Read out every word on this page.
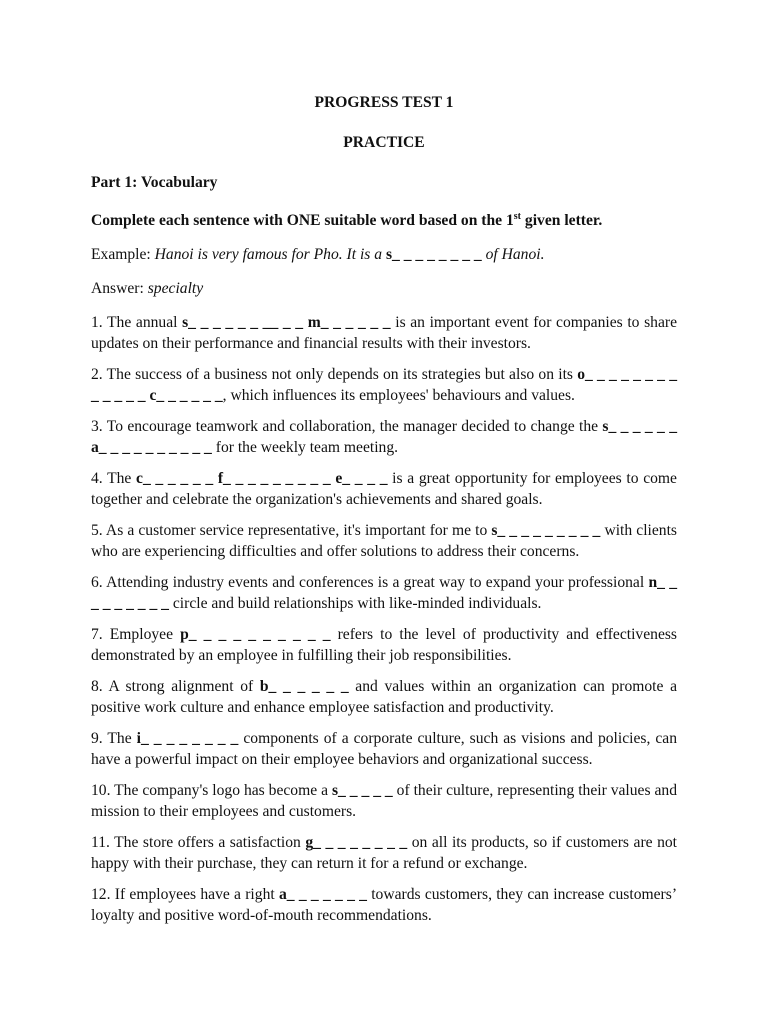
PROGRESS TEST 1
PRACTICE
Part 1: Vocabulary
Complete each sentence with ONE suitable word based on the 1st given letter.
Example: Hanoi is very famous for Pho. It is a s_ _ _ _ _ _ _ _ of Hanoi.
Answer: specialty
1. The annual s_ _ _ _ _ _ __ _ _ m_ _ _ _ _ _ is an important event for companies to share updates on their performance and financial results with their investors.
2. The success of a business not only depends on its strategies but also on its o_ _ _ _ _ _ _ _ _ _ _ _ _ c_ _ _ _ _ _, which influences its employees' behaviours and values.
3. To encourage teamwork and collaboration, the manager decided to change the s_ _ _ _ _ _ a_ _ _ _ _ _ _ _ _ _ for the weekly team meeting.
4. The c_ _ _ _ _ _ f_ _ _ _ _ _ _ _ _ e_ _ _ _ is a great opportunity for employees to come together and celebrate the organization's achievements and shared goals.
5. As a customer service representative, it's important for me to s_ _ _ _ _ _ _ _ _ with clients who are experiencing difficulties and offer solutions to address their concerns.
6. Attending industry events and conferences is a great way to expand your professional n_ _ _ _ _ _ _ _ _ circle and build relationships with like-minded individuals.
7. Employee p_ _ _ _ _ _ _ _ _ _ refers to the level of productivity and effectiveness demonstrated by an employee in fulfilling their job responsibilities.
8. A strong alignment of b_ _ _ _ _ _ and values within an organization can promote a positive work culture and enhance employee satisfaction and productivity.
9. The i_ _ _ _ _ _ _ _ components of a corporate culture, such as visions and policies, can have a powerful impact on their employee behaviors and organizational success.
10. The company's logo has become a s_ _ _ _ _ of their culture, representing their values and mission to their employees and customers.
11. The store offers a satisfaction g_ _ _ _ _ _ _ _ on all its products, so if customers are not happy with their purchase, they can return it for a refund or exchange.
12. If employees have a right a_ _ _ _ _ _ _ towards customers, they can increase customers’ loyalty and positive word-of-mouth recommendations.
